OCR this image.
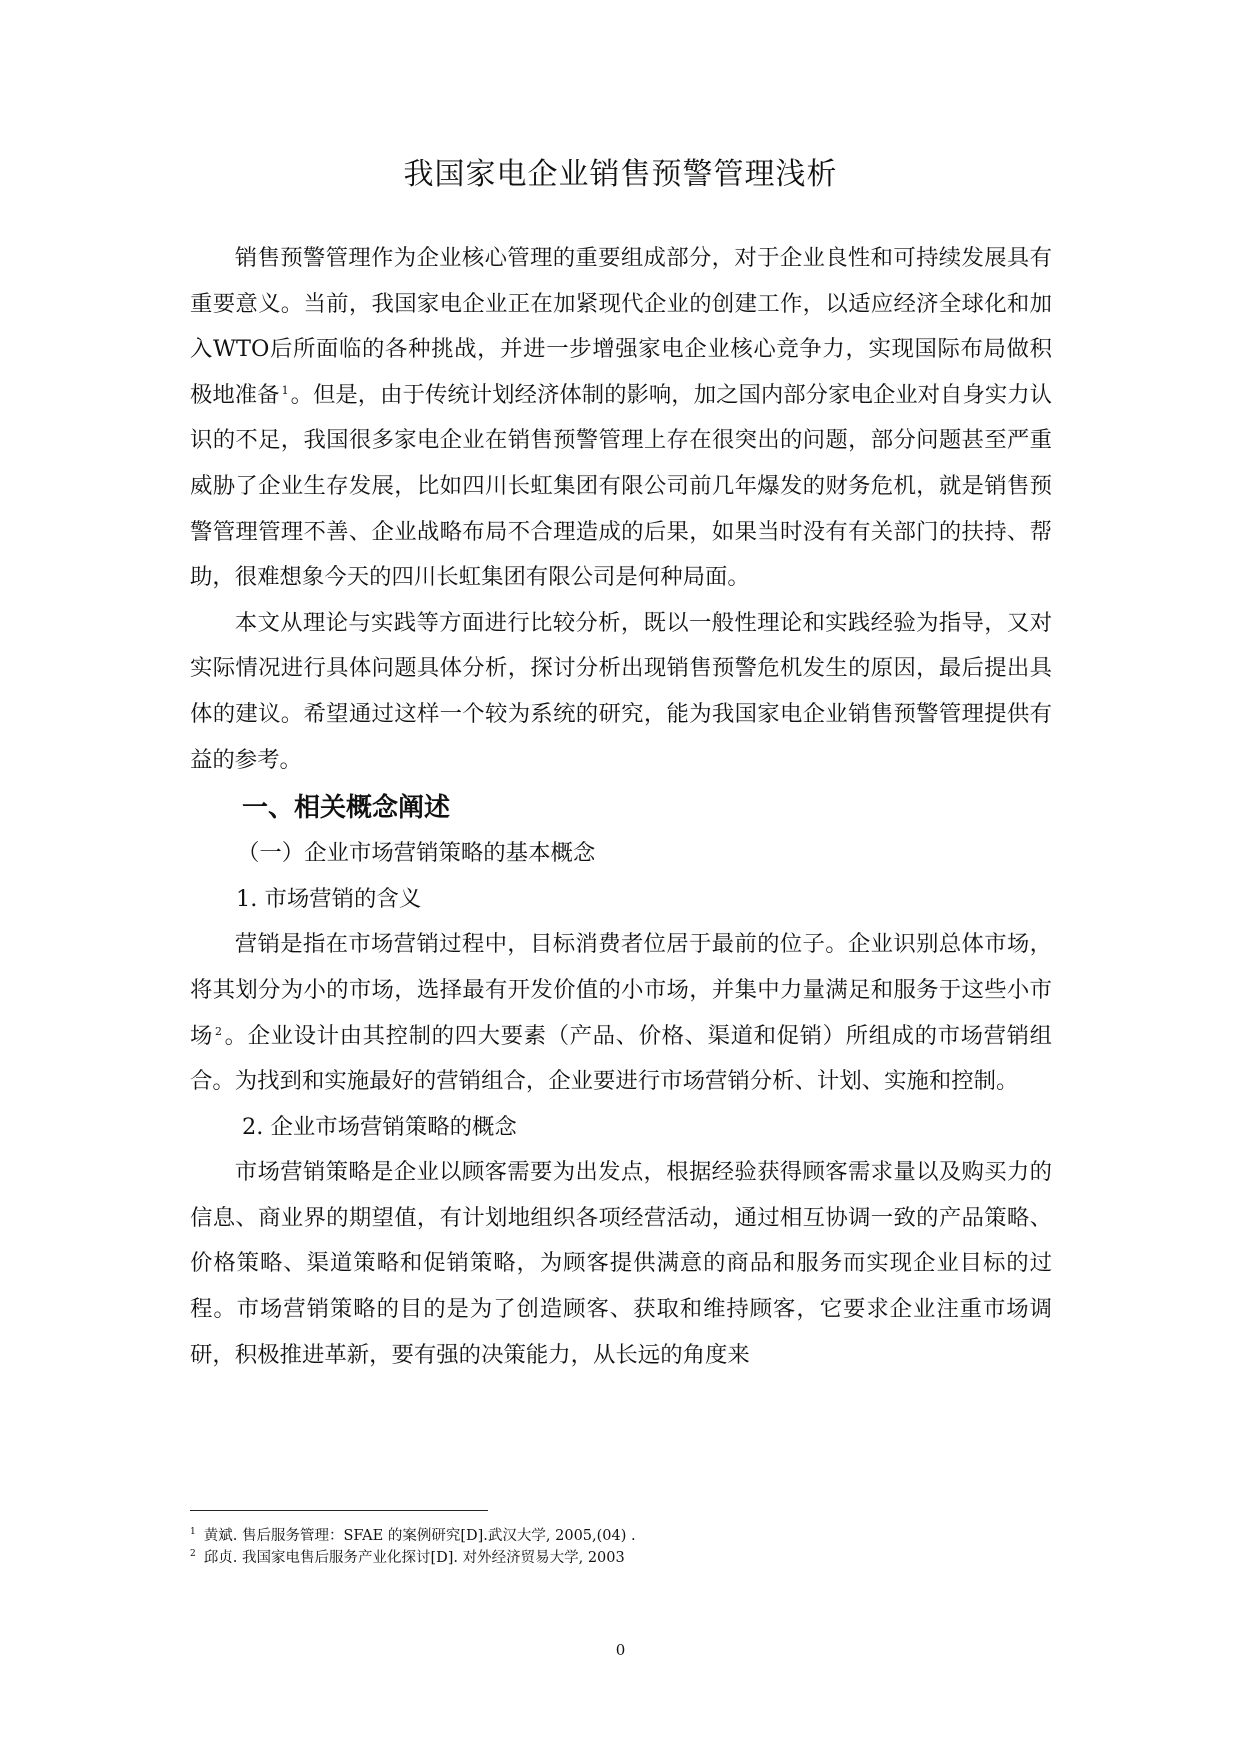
我国家电企业销售预警管理浅析

销售预警管理作为企业核心管理的重要组成部分，对于企业良性和可持续发展具有重要意义。当前，我国家电企业正在加紧现代企业的创建工作，以适应经济全球化和加入WTO后所面临的各种挑战，并进一步增强家电企业核心竞争力，实现国际布局做积极地准备 $^1$。但是，由于传统计划经济体制的影响，加之国内部分家电企业对自身实力认识的不足，我国很多家电企业在销售预警管理上存在很突出的问题，部分问题甚至严重威胁了企业生存发展，比如四川长虹集团有限公司前几年爆发的财务危机，就是销售预警管理管理不善、企业战略布局不合理造成的后果，如果当时没有有关部门的扶持、帮助，很难想象今天的四川长虹集团有限公司是何种局面。

本文从理论与实践等方面进行比较分析，既以一般性理论和实践经验为指导，又对实际情况进行具体问题具体分析，探讨分析出现销售预警危机发生的原因，最后提出具体的建议。希望通过这样一个较为系统的研究，能为我国家电企业销售预警管理提供有益的参考。

一、相关概念阐述
（一）企业市场营销策略的基本概念
1. 市场营销的含义

营销是指在市场营销过程中，目标消费者位居于最前的位子。企业识别总体市场，将其划分为小的市场，选择最有开发价值的小市场，并集中力量满足和服务于这些小市场 $^2$。企业设计由其控制的四大要素（产品、价格、渠道和促销）所组成的市场营销组合。为找到和实施最好的营销组合，企业要进行市场营销分析、计划、实施和控制。

2. 企业市场营销策略的概念

市场营销策略是企业以顾客需要为出发点，根据经验获得顾客需求量以及购买力的信息、商业界的期望值，有计划地组织各项经营活动，通过相互协调一致的产品策略、价格策略、渠道策略和促销策略，为顾客提供满意的商品和服务而实现企业目标的过程。市场营销策略的目的是为了创造顾客、获取和维持顾客，它要求企业注重市场调研，积极推进革新，要有强的决策能力，从长远的角度来

$^1$ 黄斌. 售后服务管理：SFAE 的案例研究[D].武汉大学, 2005,(04) .

$^2$ 邱贞. 我国家电售后服务产业化探讨[D]. 对外经济贸易大学, 2003

0
